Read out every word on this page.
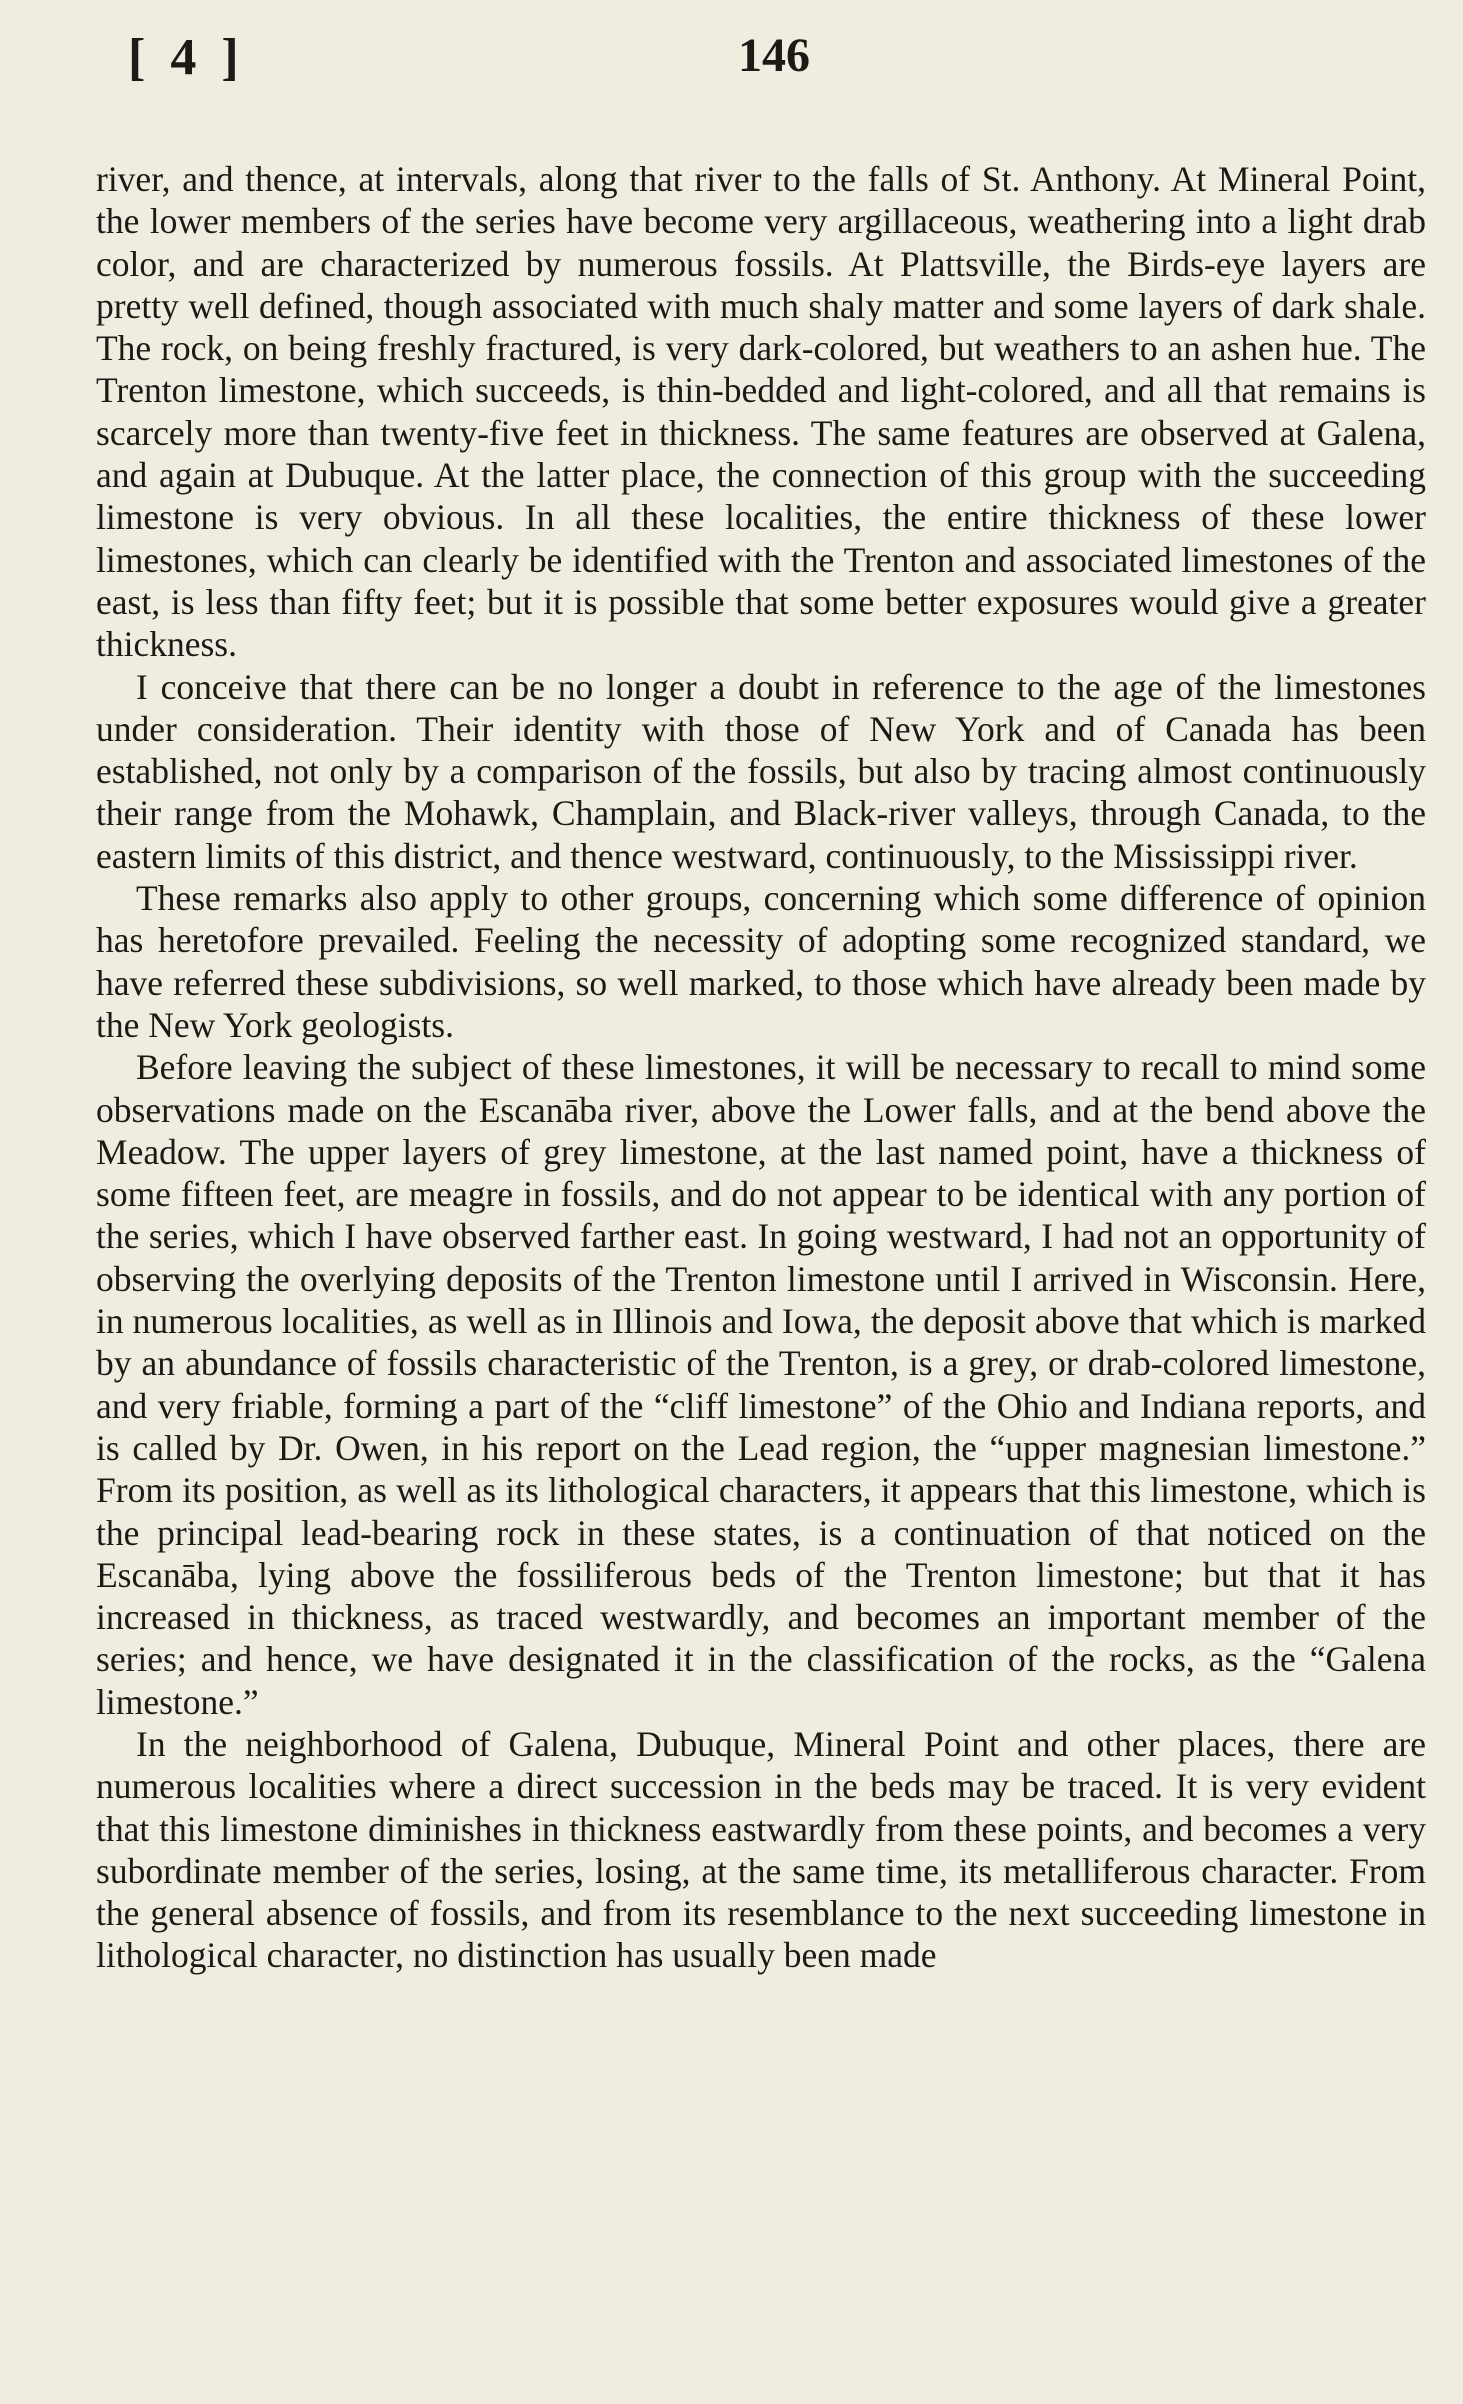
[ 4 ]	146

river, and thence, at intervals, along that river to the falls of St. Anthony. At Mineral Point, the lower members of the series have become very argillaceous, weathering into a light drab color, and are characterized by numerous fossils. At Plattsville, the Birds-eye layers are pretty well defined, though associated with much shaly matter and some layers of dark shale. The rock, on being freshly fractured, is very dark-colored, but weathers to an ashen hue. The Trenton limestone, which succeeds, is thin-bedded and light-colored, and all that remains is scarcely more than twenty-five feet in thickness. The same features are observed at Galena, and again at Dubuque. At the latter place, the connection of this group with the succeeding limestone is very obvious. In all these localities, the entire thickness of these lower limestones, which can clearly be identified with the Trenton and associated limestones of the east, is less than fifty feet; but it is possible that some better exposures would give a greater thickness.

I conceive that there can be no longer a doubt in reference to the age of the limestones under consideration. Their identity with those of New York and of Canada has been established, not only by a comparison of the fossils, but also by tracing almost continuously their range from the Mohawk, Champlain, and Black-river valleys, through Canada, to the eastern limits of this district, and thence westward, continuously, to the Mississippi river.

These remarks also apply to other groups, concerning which some difference of opinion has heretofore prevailed. Feeling the necessity of adopting some recognized standard, we have referred these subdivisions, so well marked, to those which have already been made by the New York geologists.

Before leaving the subject of these limestones, it will be necessary to recall to mind some observations made on the Escanāba river, above the Lower falls, and at the bend above the Meadow. The upper layers of grey limestone, at the last named point, have a thickness of some fifteen feet, are meagre in fossils, and do not appear to be identical with any portion of the series, which I have observed farther east. In going westward, I had not an opportunity of observing the overlying deposits of the Trenton limestone until I arrived in Wisconsin. Here, in numerous localities, as well as in Illinois and Iowa, the deposit above that which is marked by an abundance of fossils characteristic of the Trenton, is a grey, or drab-colored limestone, and very friable, forming a part of the “cliff limestone” of the Ohio and Indiana reports, and is called by Dr. Owen, in his report on the Lead region, the “upper magnesian limestone.” From its position, as well as its lithological characters, it appears that this limestone, which is the principal lead-bearing rock in these states, is a continuation of that noticed on the Escanāba, lying above the fossiliferous beds of the Trenton limestone; but that it has increased in thickness, as traced westwardly, and becomes an important member of the series; and hence, we have designated it in the classification of the rocks, as the “Galena limestone.”

In the neighborhood of Galena, Dubuque, Mineral Point and other places, there are numerous localities where a direct succession in the beds may be traced. It is very evident that this limestone diminishes in thickness eastwardly from these points, and becomes a very subordinate member of the series, losing, at the same time, its metalliferous character. From the general absence of fossils, and from its resemblance to the next succeeding limestone in lithological character, no distinction has usually been made
